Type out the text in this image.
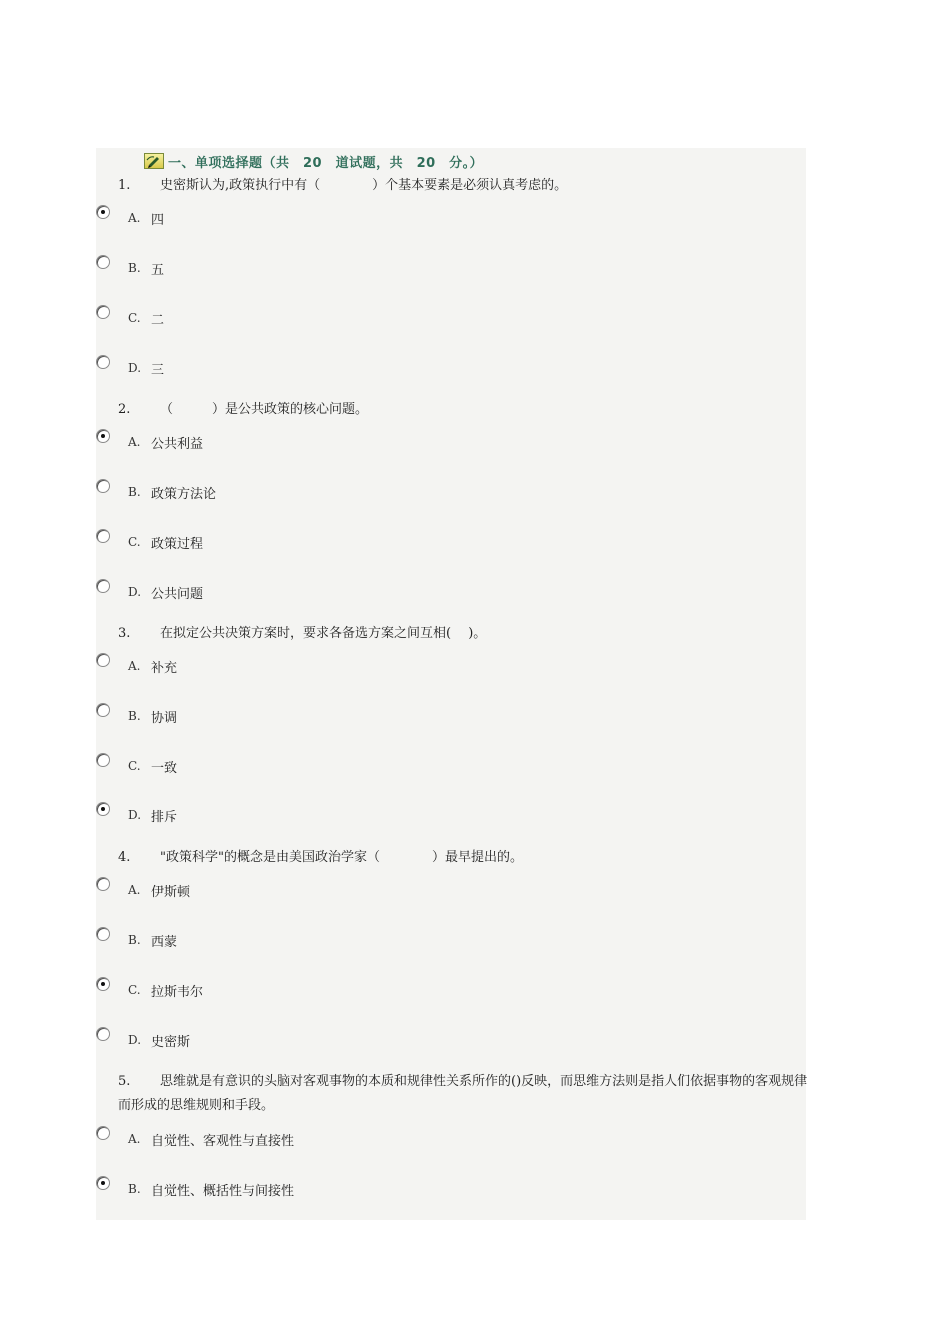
一、单项选择题（共　20　道试题，共　20　分。）
1. 史密斯认为,政策执行中有（　　　　）个基本要素是必须认真考虑的。
A. 四
B. 五
C. 二
D. 三
2. （　　　）是公共政策的核心问题。
A. 公共利益
B. 政策方法论
C. 政策过程
D. 公共问题
3. 在拟定公共决策方案时，要求各备选方案之间互相(　 )。
A. 补充
B. 协调
C. 一致
D. 排斥
4. "政策科学"的概念是由美国政治学家（　　　　）最早提出的。
A. 伊斯顿
B. 西蒙
C. 拉斯韦尔
D. 史密斯
5. 思维就是有意识的头脑对客观事物的本质和规律性关系所作的()反映，而思维方法则是指人们依据事物的客观规律而形成的思维规则和手段。
A. 自觉性、客观性与直接性
B. 自觉性、概括性与间接性
